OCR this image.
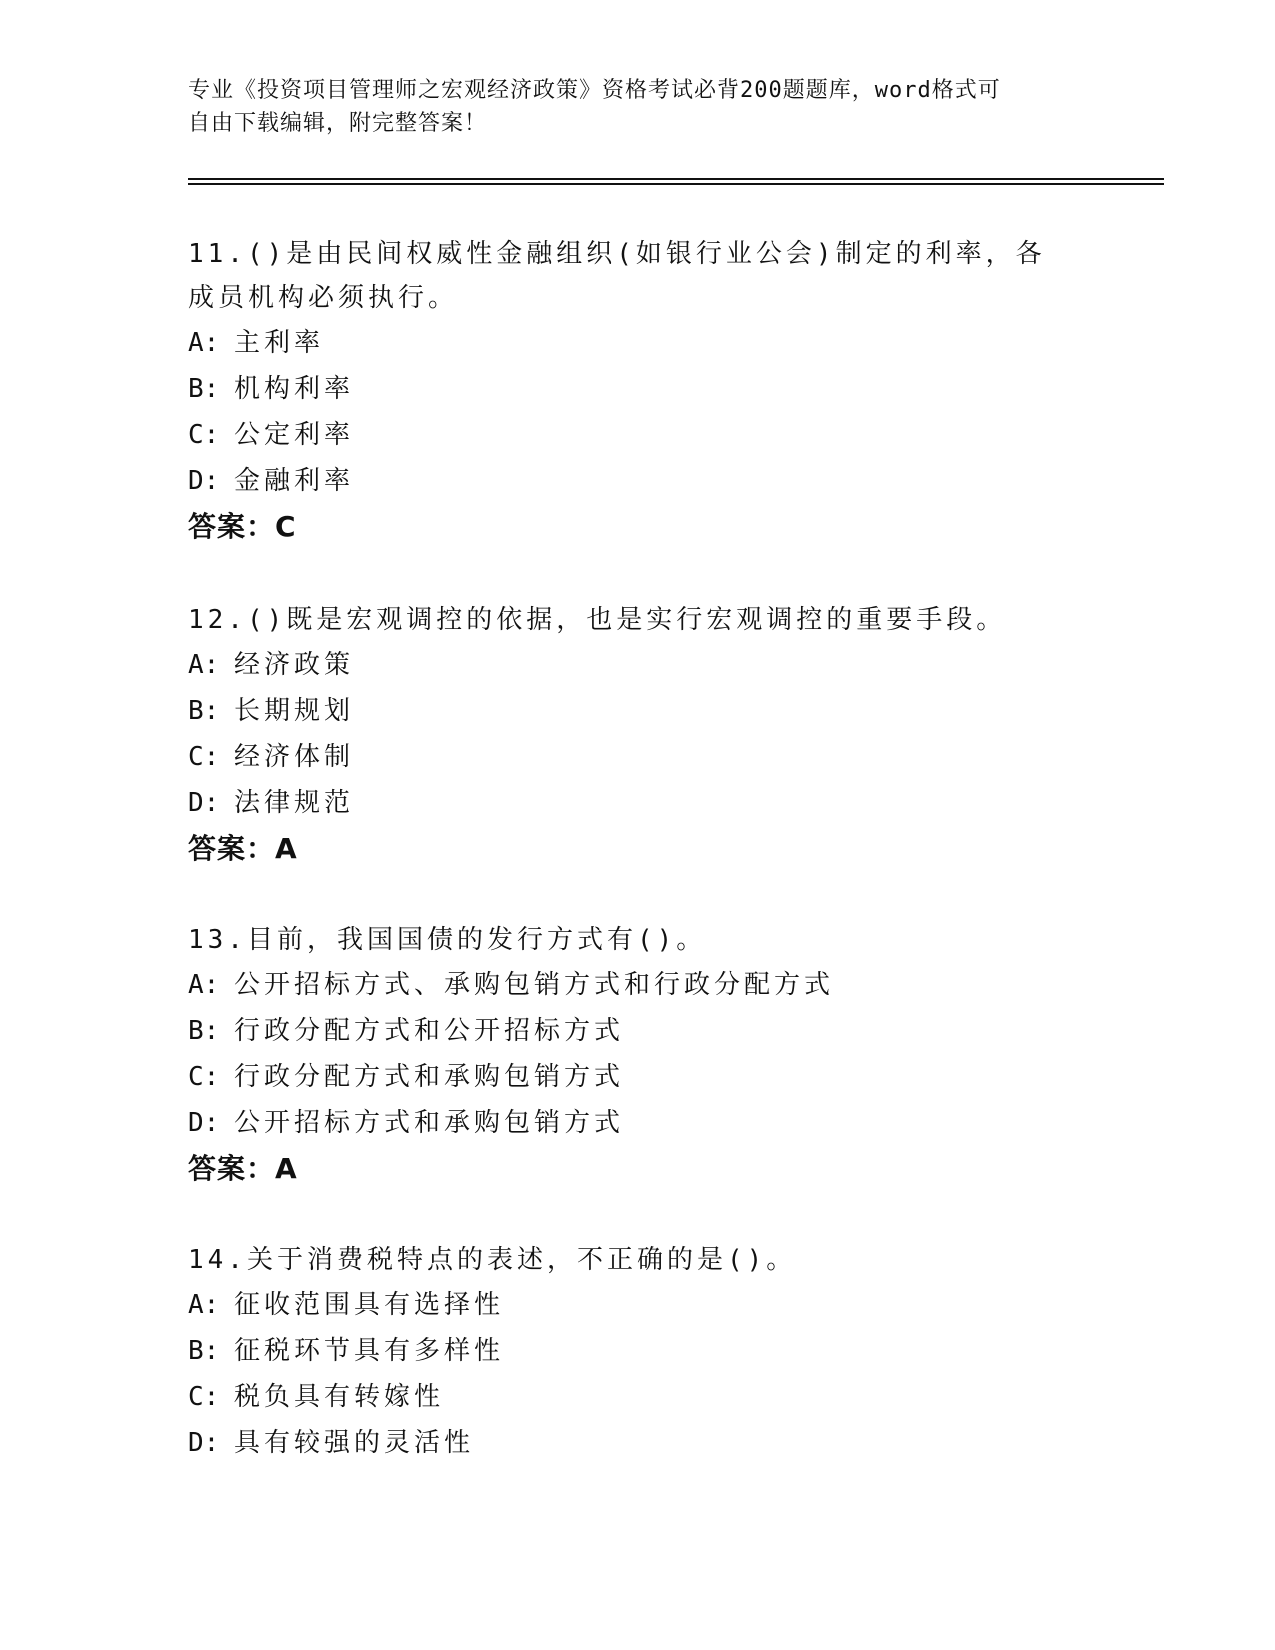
专业《投资项目管理师之宏观经济政策》资格考试必背200题题库，word格式可
自由下载编辑，附完整答案！

11.()是由民间权威性金融组织(如银行业公会)制定的利率，各成员机构必须执行。

A: 主利率
B: 机构利率
C: 公定利率
D: 金融利率
答案：C

12.()既是宏观调控的依据，也是实行宏观调控的重要手段。

A: 经济政策
B: 长期规划
C: 经济体制
D: 法律规范
答案：A

13.目前，我国国债的发行方式有()。

A: 公开招标方式、承购包销方式和行政分配方式
B: 行政分配方式和公开招标方式
C: 行政分配方式和承购包销方式
D: 公开招标方式和承购包销方式
答案：A

14.关于消费税特点的表述，不正确的是()。

A: 征收范围具有选择性
B: 征税环节具有多样性
C: 税负具有转嫁性
D: 具有较强的灵活性
